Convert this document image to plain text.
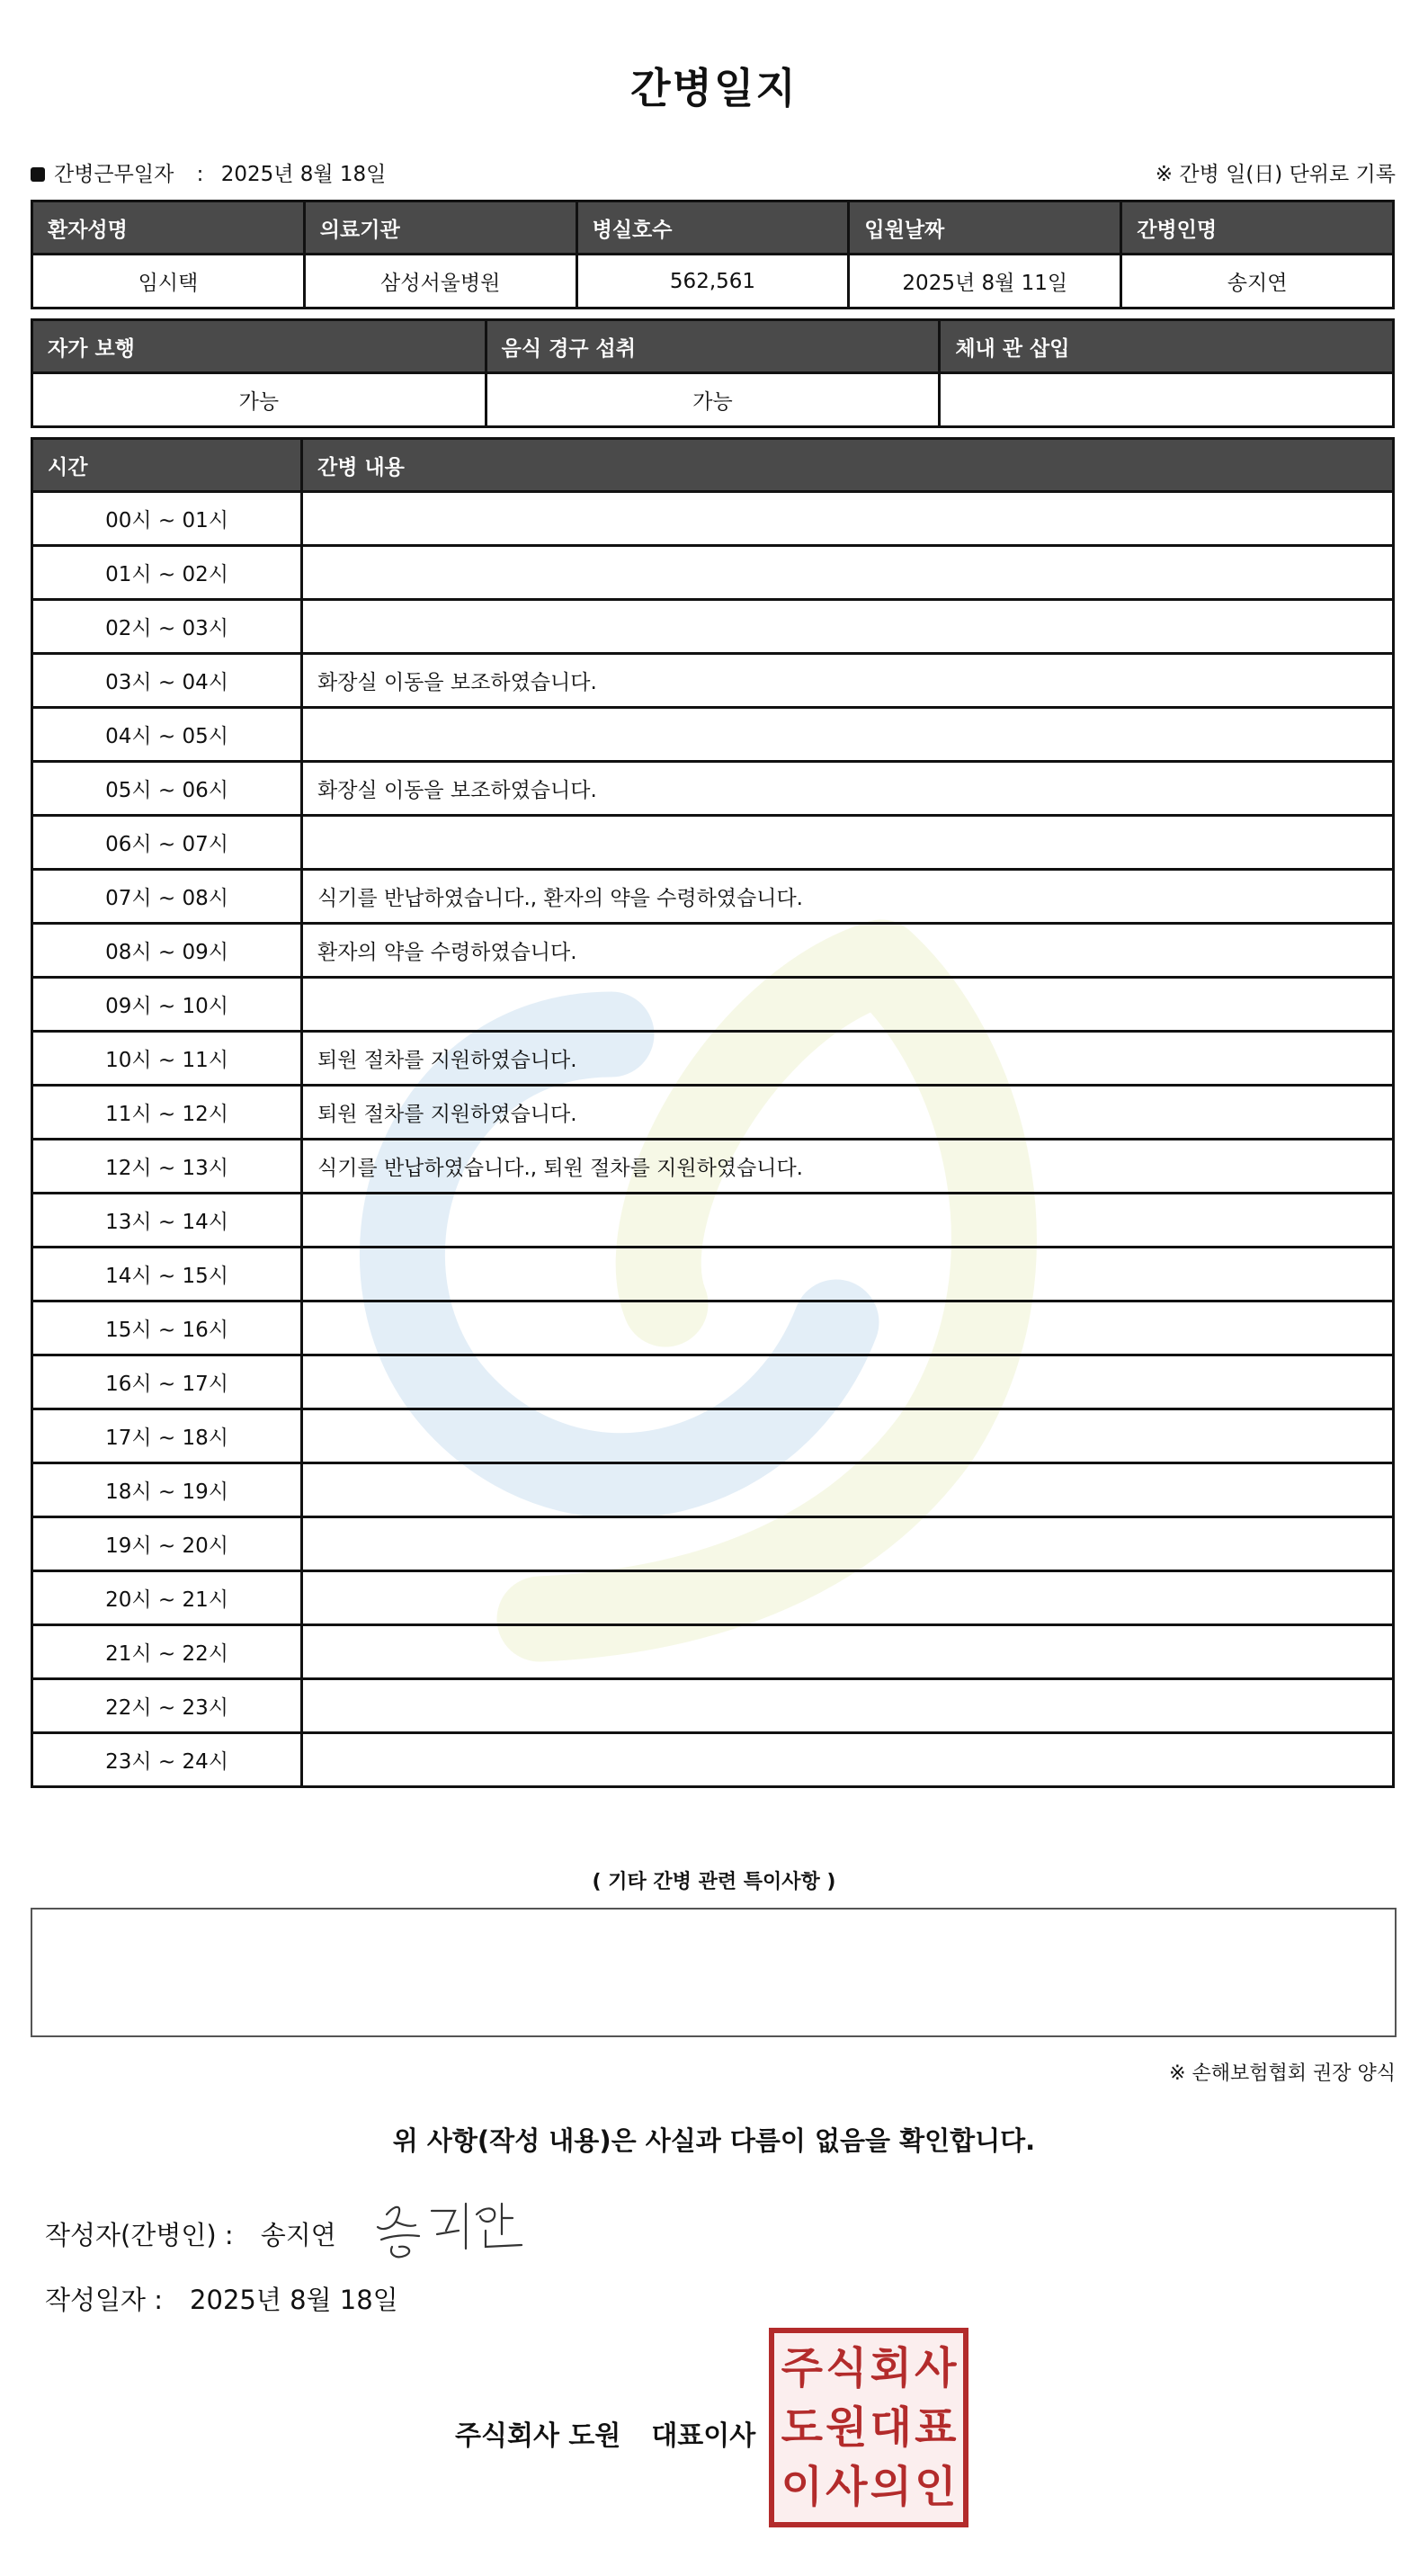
간병일지
간병근무일자 : 2025년 8월 18일	※ 간병 일(日) 단위로 기록
환자성명	의료기관	병실호수	입원날짜	간병인명
임시택	삼성서울병원	562,561	2025년 8월 11일	송지연
자가 보행	음식 경구 섭취	체내 관 삽입
가능	가능	
시간	간병 내용
00시 ~ 01시	
01시 ~ 02시	
02시 ~ 03시	
03시 ~ 04시	화장실 이동을 보조하였습니다.
04시 ~ 05시	
05시 ~ 06시	화장실 이동을 보조하였습니다.
06시 ~ 07시	
07시 ~ 08시	식기를 반납하였습니다., 환자의 약을 수령하였습니다.
08시 ~ 09시	환자의 약을 수령하였습니다.
09시 ~ 10시	
10시 ~ 11시	퇴원 절차를 지원하였습니다.
11시 ~ 12시	퇴원 절차를 지원하였습니다.
12시 ~ 13시	식기를 반납하였습니다., 퇴원 절차를 지원하였습니다.
13시 ~ 14시	
14시 ~ 15시	
15시 ~ 16시	
16시 ~ 17시	
17시 ~ 18시	
18시 ~ 19시	
19시 ~ 20시	
20시 ~ 21시	
21시 ~ 22시	
22시 ~ 23시	
23시 ~ 24시	
( 기타 간병 관련 특이사항 )
※ 손해보험협회 권장 양식
위 사항(작성 내용)은 사실과 다름이 없음을 확인합니다.
작성자(간병인) : 송지연
작성일자 : 2025년 8월 18일
주식회사 도원 대표이사
주 식 회 사
도 원 대 표
이 사 의 인
